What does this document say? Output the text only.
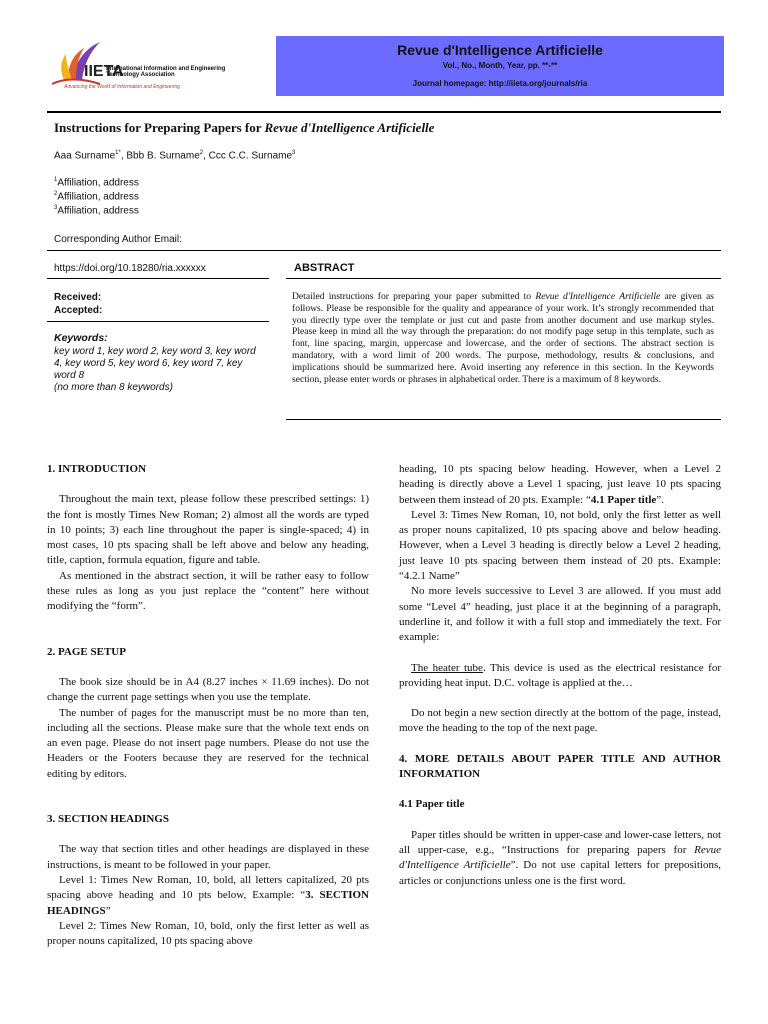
IIETA
International Information and Engineering Technology Association
Advancing the World of Information and Engineering
Revue d'Intelligence Artificielle
Vol., No., Month, Year, pp. **-**
Journal homepage: http://iieta.org/journals/ria
Instructions for Preparing Papers for Revue d'Intelligence Artificielle
Aaa Surname$^{1*}$, Bbb B. Surname$^2$, Ccc C.C. Surname$^3$
$^1$Affiliation, address
$^2$Affiliation, address
$^3$Affiliation, address
Corresponding Author Email:
https://doi.org/10.18280/ria.xxxxxx
Received:
Accepted:
Keywords:
key word 1, key word 2, key word 3, key word 4, key word 5, key word 6, key word 7, key word 8
(no more than 8 keywords)
ABSTRACT
Detailed instructions for preparing your paper submitted to Revue d'Intelligence Artificielle are given as follows. Please be responsible for the quality and appearance of your work. It’s strongly recommended that you directly type over the template or just cut and paste from another document and use markup styles. Please keep in mind all the way through the preparation: do not modify page setup in this template, such as font, line spacing, margin, uppercase and lowercase, and the order of sections. The abstract section is mandatory, with a word limit of 200 words. The purpose, methodology, results & conclusions, and implications should be summarized here. Avoid inserting any reference in this section. In the Keywords section, please enter words or phrases in alphabetical order. There is a maximum of 8 keywords.
1. INTRODUCTION

Throughout the main text, please follow these prescribed settings: 1) the font is mostly Times New Roman; 2) almost all the words are typed in 10 points; 3) each line throughout the paper is single-spaced; 4) in most cases, 10 pts spacing shall be left above and below any heading, title, caption, formula equation, figure and table.

As mentioned in the abstract section, it will be rather easy to follow these rules as long as you just replace the “content” here without modifying the “form”.

2. PAGE SETUP

The book size should be in A4 (8.27 inches × 11.69 inches). Do not change the current page settings when you use the template.

The number of pages for the manuscript must be no more than ten, including all the sections. Please make sure that the whole text ends on an even page. Please do not insert page numbers. Please do not use the Headers or the Footers because they are reserved for the technical editing by editors.

3. SECTION HEADINGS

The way that section titles and other headings are displayed in these instructions, is meant to be followed in your paper.

Level 1: Times New Roman, 10, bold, all letters capitalized, 20 pts spacing above heading and 10 pts below, Example: “3. SECTION HEADINGS”

Level 2: Times New Roman, 10, bold, only the first letter as well as proper nouns capitalized, 10 pts spacing above

heading, 10 pts spacing below heading. However, when a Level 2 heading is directly above a Level 1 spacing, just leave 10 pts spacing between them instead of 20 pts. Example: “4.1 Paper title”.

Level 3: Times New Roman, 10, not bold, only the first letter as well as proper nouns capitalized, 10 pts spacing above and below heading. However, when a Level 3 heading is directly below a Level 2 heading, just leave 10 pts spacing between them instead of 20 pts. Example: “4.2.1 Name”

No more levels successive to Level 3 are allowed. If you must add some “Level 4” heading, just place it at the beginning of a paragraph, underline it, and follow it with a full stop and immediately the text. For example:

The heater tube. This device is used as the electrical resistance for providing heat input. D.C. voltage is applied at the…

Do not begin a new section directly at the bottom of the page, instead, move the heading to the top of the next page.

4. MORE DETAILS ABOUT PAPER TITLE AND AUTHOR INFORMATION
4.1 Paper title

Paper titles should be written in upper-case and lower-case letters, not all upper-case, e.g., “Instructions for preparing papers for Revue d'Intelligence Artificielle”. Do not use capital letters for prepositions, articles or conjunctions unless one is the first word.
